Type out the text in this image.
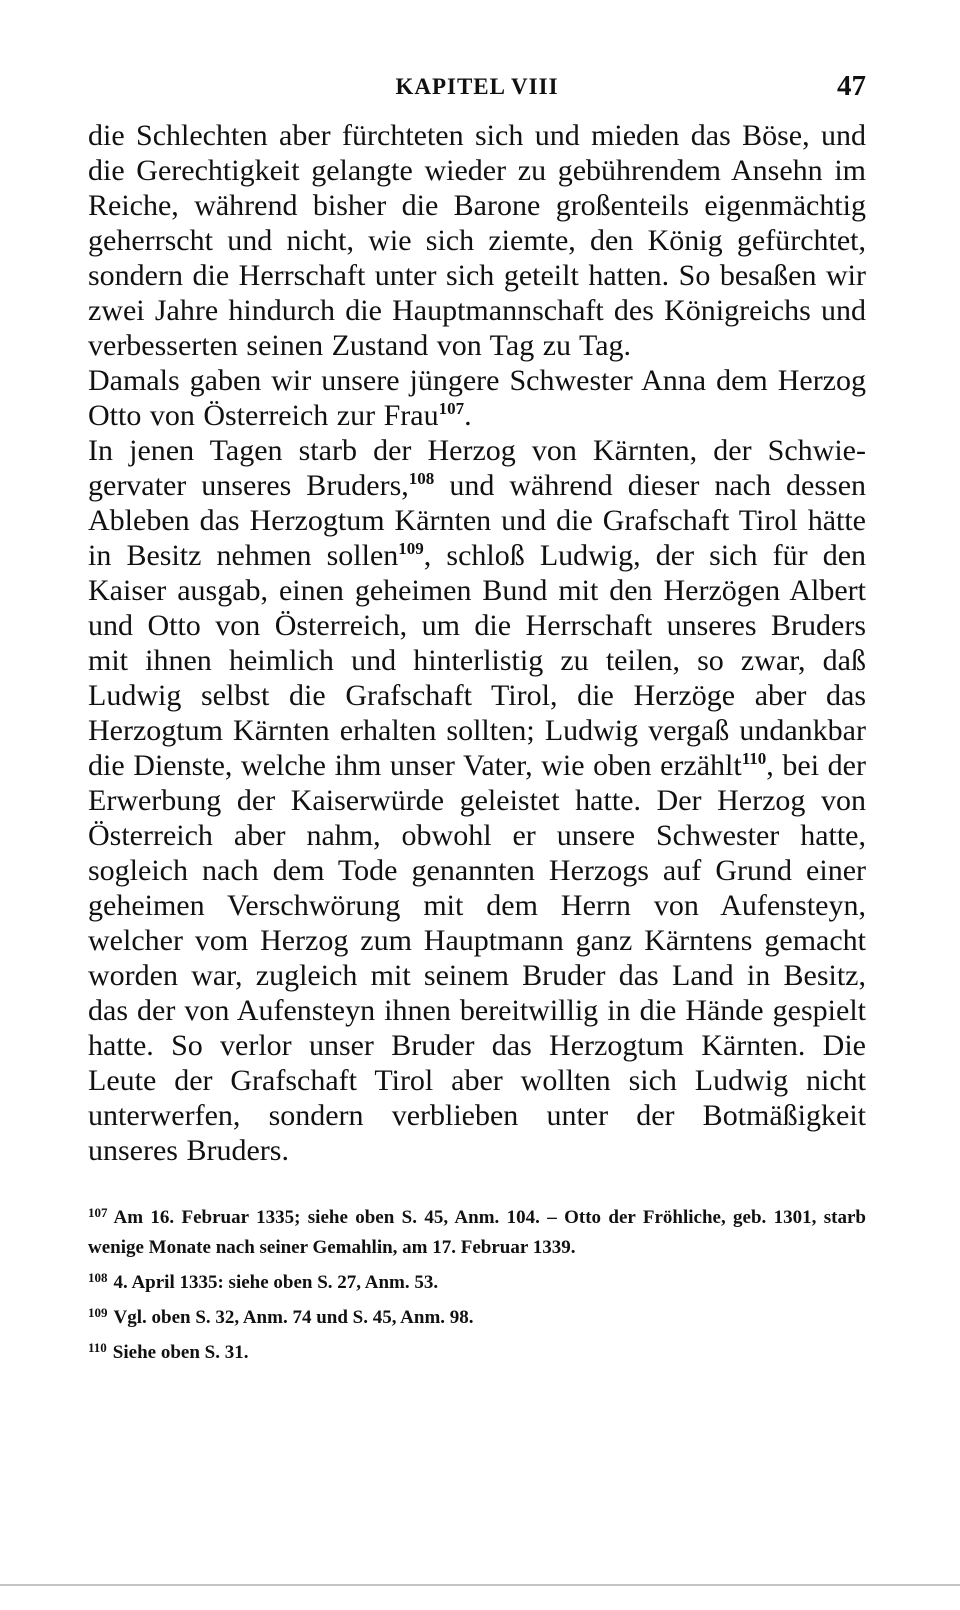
KAPITEL VIII	47

die Schlechten aber fürchteten sich und mieden das Böse, und die Gerechtigkeit gelangte wieder zu gebührendem Ansehn im Reiche, während bisher die Barone großenteils eigenmächtig geherrscht und nicht, wie sich ziemte, den König gefürchtet, sondern die Herrschaft unter sich geteilt hatten. So besaßen wir zwei Jahre hindurch die Hauptmannschaft des Königreichs und verbesserten seinen Zustand von Tag zu Tag.

Damals gaben wir unsere jüngere Schwester Anna dem Herzog Otto von Österreich zur Frau$^{107}$.

In jenen Tagen starb der Herzog von Kärnten, der Schwiegervater unseres Bruders,$^{108}$ und während dieser nach dessen Ableben das Herzogtum Kärnten und die Grafschaft Tirol hätte in Besitz nehmen sollen$^{109}$, schloß Ludwig, der sich für den Kaiser ausgab, einen geheimen Bund mit den Herzögen Albert und Otto von Österreich, um die Herrschaft unseres Bruders mit ihnen heimlich und hinterlistig zu teilen, so zwar, daß Ludwig selbst die Grafschaft Tirol, die Herzöge aber das Herzogtum Kärnten erhalten sollten; Ludwig vergaß undankbar die Dienste, welche ihm unser Vater, wie oben erzählt$^{110}$, bei der Erwerbung der Kaiserwürde geleistet hatte. Der Herzog von Österreich aber nahm, obwohl er unsere Schwester hatte, sogleich nach dem Tode genannten Herzogs auf Grund einer geheimen Verschwörung mit dem Herrn von Aufensteyn, welcher vom Herzog zum Hauptmann ganz Kärntens gemacht worden war, zugleich mit seinem Bruder das Land in Besitz, das der von Aufensteyn ihnen bereitwillig in die Hände gespielt hatte. So verlor unser Bruder das Herzogtum Kärnten. Die Leute der Grafschaft Tirol aber wollten sich Ludwig nicht unterwerfen, sondern verblieben unter der Botmäßigkeit unseres Bruders.

$^{107}$ Am 16. Februar 1335; siehe oben S. 45, Anm. 104. – Otto der Fröhliche, geb. 1301, starb wenige Monate nach seiner Gemahlin, am 17. Februar 1339.

$^{108}$ 4. April 1335: siehe oben S. 27, Anm. 53.

$^{109}$ Vgl. oben S. 32, Anm. 74 und S. 45, Anm. 98.

$^{110}$ Siehe oben S. 31.
